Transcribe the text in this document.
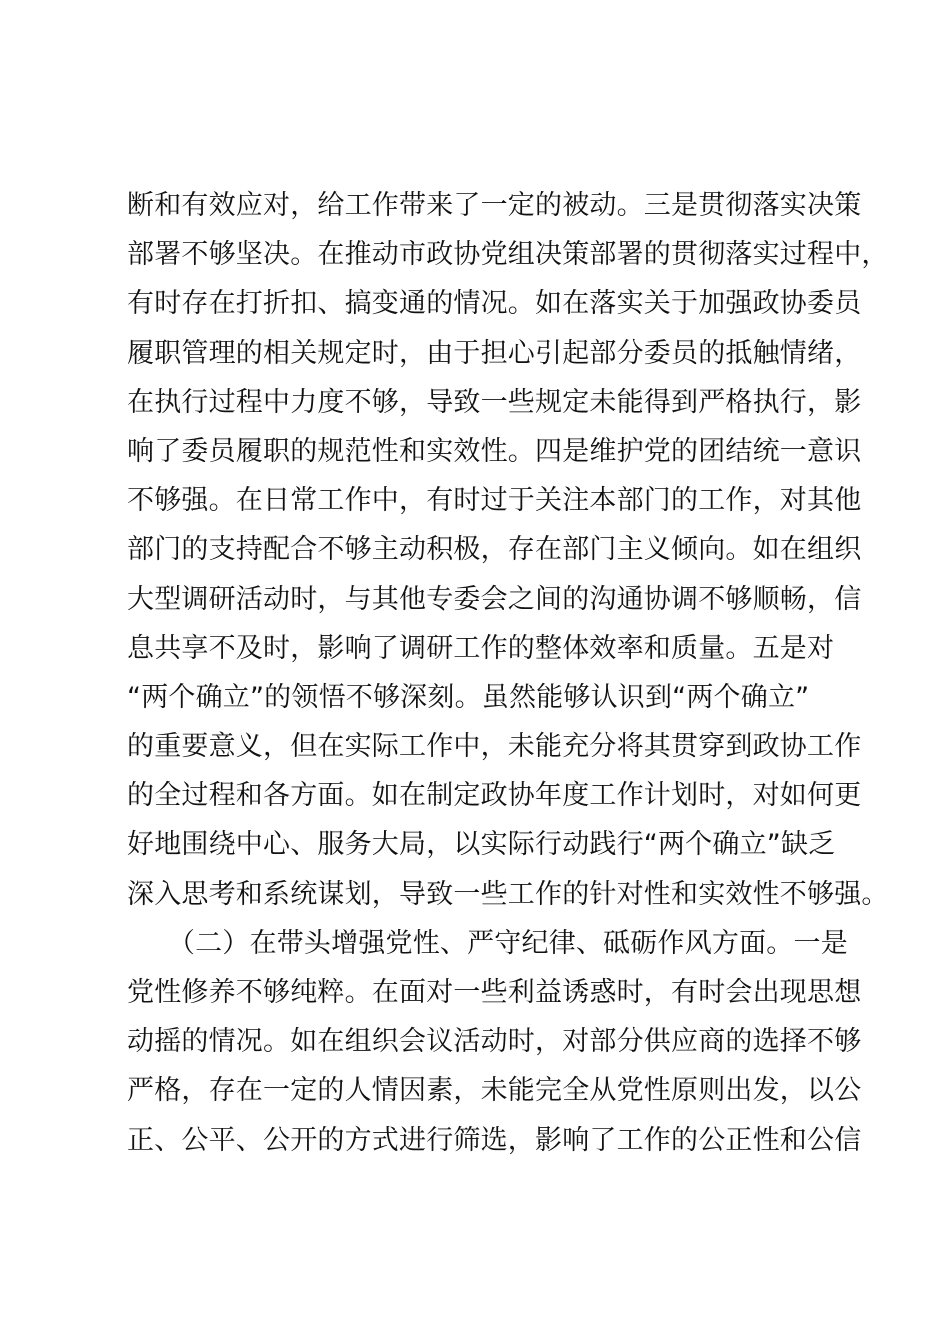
断和有效应对，给工作带来了一定的被动。三是贯彻落实决策
部署不够坚决。在推动市政协党组决策部署的贯彻落实过程中，
有时存在打折扣、搞变通的情况。如在落实关于加强政协委员
履职管理的相关规定时，由于担心引起部分委员的抵触情绪，
在执行过程中力度不够，导致一些规定未能得到严格执行，影
响了委员履职的规范性和实效性。四是维护党的团结统一意识
不够强。在日常工作中，有时过于关注本部门的工作，对其他
部门的支持配合不够主动积极，存在部门主义倾向。如在组织
大型调研活动时，与其他专委会之间的沟通协调不够顺畅，信
息共享不及时，影响了调研工作的整体效率和质量。五是对
“两个确立”的领悟不够深刻。虽然能够认识到“两个确立”
的重要意义，但在实际工作中，未能充分将其贯穿到政协工作
的全过程和各方面。如在制定政协年度工作计划时，对如何更
好地围绕中心、服务大局，以实际行动践行“两个确立”缺乏
深入思考和系统谋划，导致一些工作的针对性和实效性不够强。
　　（二）在带头增强党性、严守纪律、砥砺作风方面。一是
党性修养不够纯粹。在面对一些利益诱惑时，有时会出现思想
动摇的情况。如在组织会议活动时，对部分供应商的选择不够
严格，存在一定的人情因素，未能完全从党性原则出发，以公
正、公平、公开的方式进行筛选，影响了工作的公正性和公信
